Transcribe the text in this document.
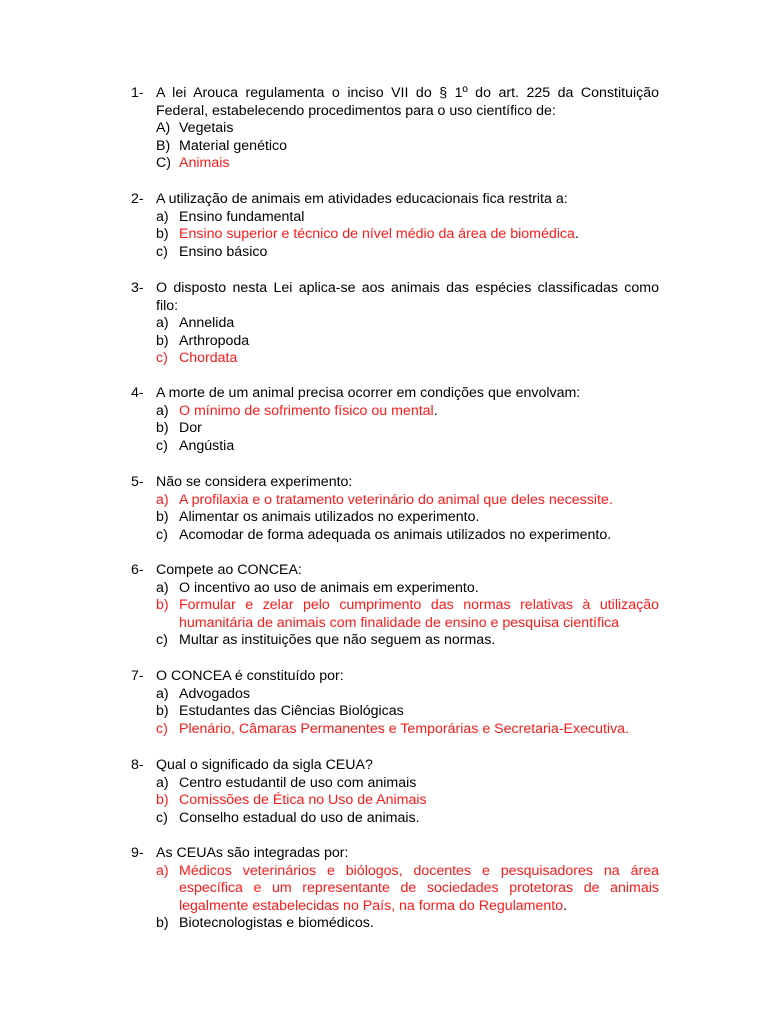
1- A lei Arouca regulamenta o inciso VII do § 1º do art. 225 da Constituição Federal, estabelecendo procedimentos para o uso científico de:
A) Vegetais
B) Material genético
C) Animais
2- A utilização de animais em atividades educacionais fica restrita a:
a) Ensino fundamental
b) Ensino superior e técnico de nível médio da área de biomédica.
c) Ensino básico
3- O disposto nesta Lei aplica-se aos animais das espécies classificadas como filo:
a) Annelida
b) Arthropoda
c) Chordata
4- A morte de um animal precisa ocorrer em condições que envolvam:
a) O mínimo de sofrimento físico ou mental.
b) Dor
c) Angústia
5- Não se considera experimento:
a) A profilaxia e o tratamento veterinário do animal que deles necessite.
b) Alimentar os animais utilizados no experimento.
c) Acomodar de forma adequada os animais utilizados no experimento.
6- Compete ao CONCEA:
a) O incentivo ao uso de animais em experimento.
b) Formular e zelar pelo cumprimento das normas relativas à utilização humanitária de animais com finalidade de ensino e pesquisa científica
c) Multar as instituições que não seguem as normas.
7- O CONCEA é constituído por:
a) Advogados
b) Estudantes das Ciências Biológicas
c) Plenário, Câmaras Permanentes e Temporárias e Secretaria-Executiva.
8- Qual o significado da sigla CEUA?
a) Centro estudantil de uso com animais
b) Comissões de Ética no Uso de Animais
c) Conselho estadual do uso de animais.
9- As CEUAs são integradas por:
a) Médicos veterinários e biólogos, docentes e pesquisadores na área específica e um representante de sociedades protetoras de animais legalmente estabelecidas no País, na forma do Regulamento.
b) Biotecnologistas e biomédicos.
